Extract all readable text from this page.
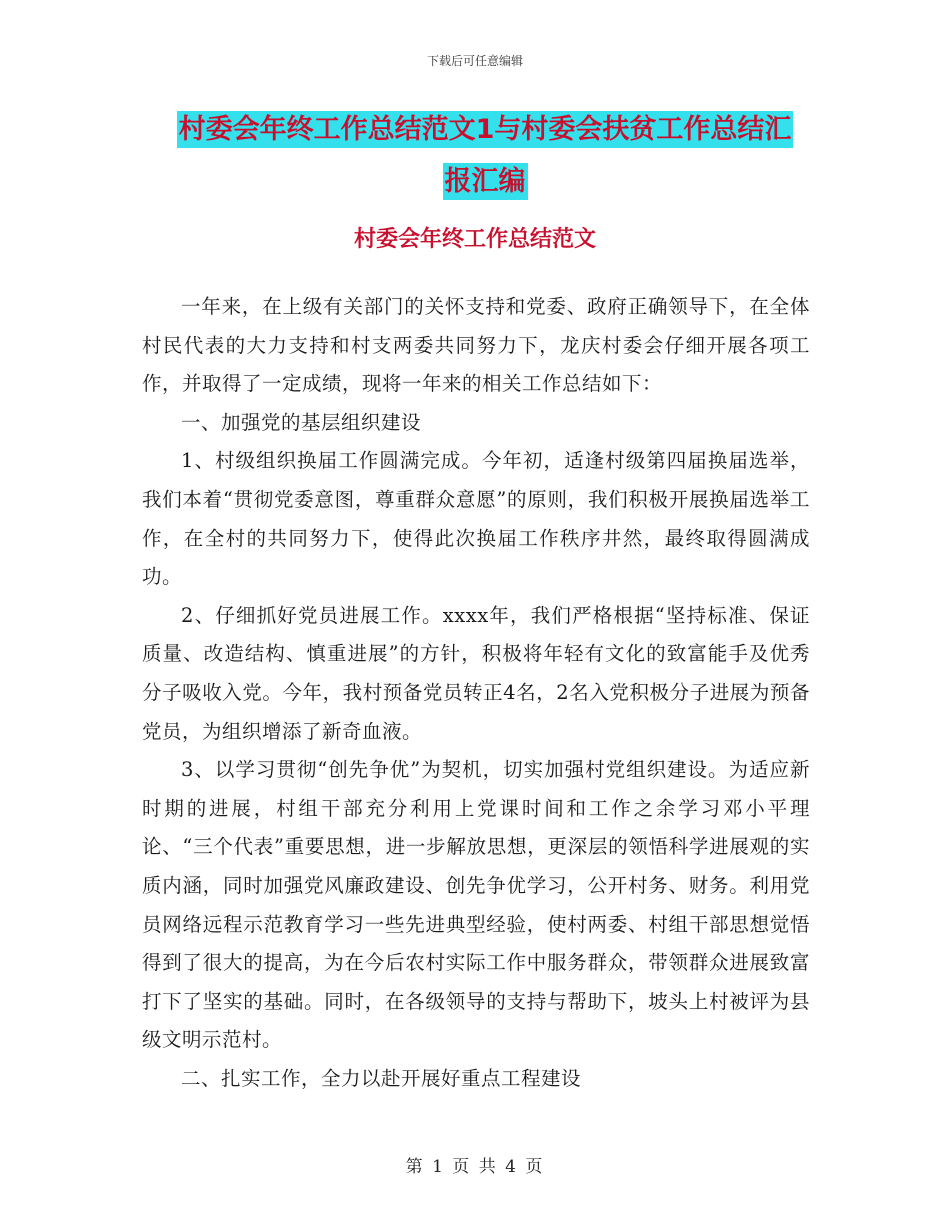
下载后可任意编辑
村委会年终工作总结范文1与村委会扶贫工作总结汇
报汇编
村委会年终工作总结范文

一年来，在上级有关部门的关怀支持和党委、政府正确领导下，在全体村民代表的大力支持和村支两委共同努力下，龙庆村委会仔细开展各项工作，并取得了一定成绩，现将一年来的相关工作总结如下：

一、加强党的基层组织建设

1、村级组织换届工作圆满完成。今年初，适逢村级第四届换届选举，我们本着“贯彻党委意图，尊重群众意愿”的原则，我们积极开展换届选举工作，在全村的共同努力下，使得此次换届工作秩序井然，最终取得圆满成功。

2、仔细抓好党员进展工作。xxxx年，我们严格根据“坚持标准、保证质量、改造结构、慎重进展”的方针，积极将年轻有文化的致富能手及优秀分子吸收入党。今年，我村预备党员转正4名，2名入党积极分子进展为预备党员，为组织增添了新奇血液。

3、以学习贯彻“创先争优”为契机，切实加强村党组织建设。为适应新时期的进展，村组干部充分利用上党课时间和工作之余学习邓小平理论、“三个代表”重要思想，进一步解放思想，更深层的领悟科学进展观的实质内涵，同时加强党风廉政建设、创先争优学习，公开村务、财务。利用党员网络远程示范教育学习一些先进典型经验，使村两委、村组干部思想觉悟得到了很大的提高，为在今后农村实际工作中服务群众，带领群众进展致富打下了坚实的基础。同时，在各级领导的支持与帮助下，坡头上村被评为县级文明示范村。

二、扎实工作，全力以赴开展好重点工程建设

第 1 页 共 4 页
